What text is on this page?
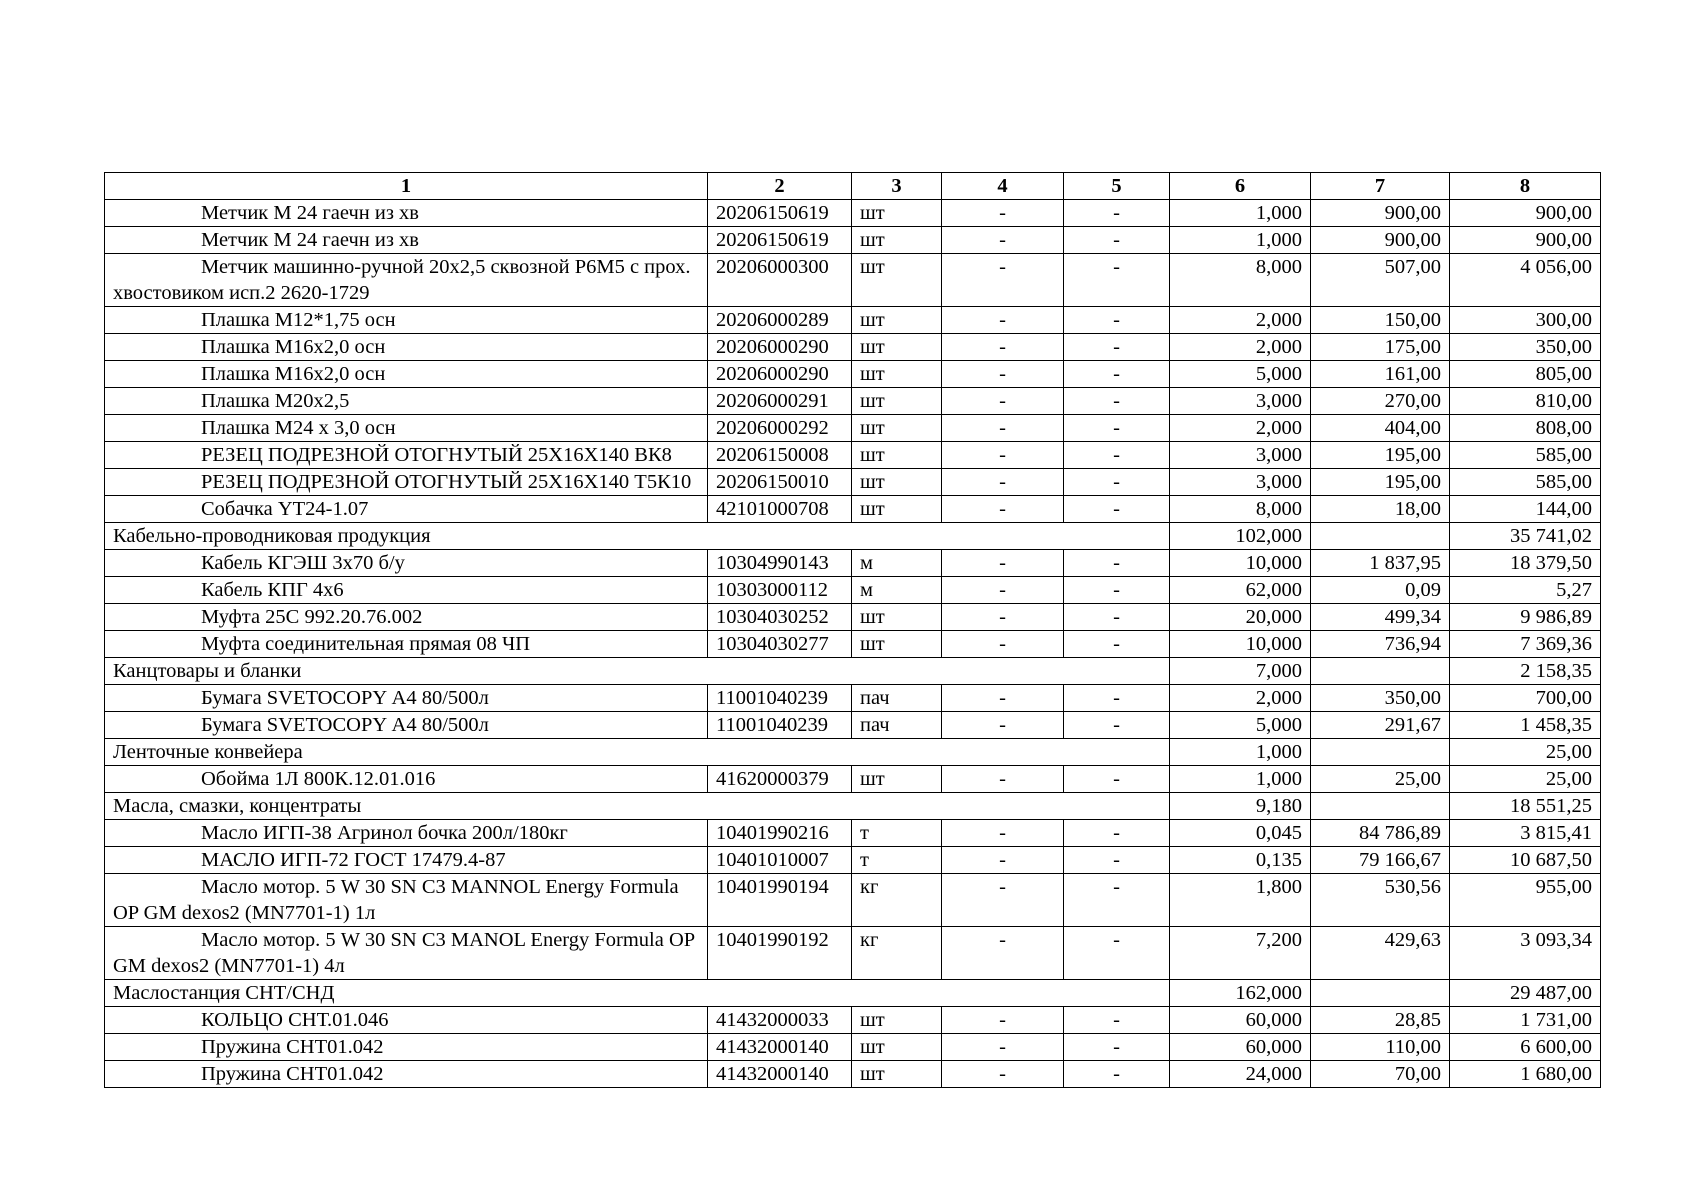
1	2	3	4	5	6	7	8
Метчик М 24 гаечн из хв	20206150619	шт	-	-	1,000	900,00	900,00
Метчик М 24 гаечн из хв	20206150619	шт	-	-	1,000	900,00	900,00
Метчик машинно-ручной 20х2,5 сквозной Р6М5 с прох. хвостовиком исп.2 2620-1729	20206000300	шт	-	-	8,000	507,00	4 056,00
Плашка М12*1,75 осн	20206000289	шт	-	-	2,000	150,00	300,00
Плашка М16х2,0 осн	20206000290	шт	-	-	2,000	175,00	350,00
Плашка М16х2,0 осн	20206000290	шт	-	-	5,000	161,00	805,00
Плашка М20х2,5	20206000291	шт	-	-	3,000	270,00	810,00
Плашка М24 х 3,0 осн	20206000292	шт	-	-	2,000	404,00	808,00
РЕЗЕЦ ПОДРЕЗНОЙ ОТОГНУТЫЙ 25Х16Х140 ВК8	20206150008	шт	-	-	3,000	195,00	585,00
РЕЗЕЦ ПОДРЕЗНОЙ ОТОГНУТЫЙ 25Х16Х140 Т5К10	20206150010	шт	-	-	3,000	195,00	585,00
Собачка YT24-1.07	42101000708	шт	-	-	8,000	18,00	144,00
Кабельно-проводниковая продукция					102,000		35 741,02
Кабель КГЭШ 3х70 б/у	10304990143	м	-	-	10,000	1 837,95	18 379,50
Кабель КПГ 4х6	10303000112	м	-	-	62,000	0,09	5,27
Муфта 25С 992.20.76.002	10304030252	шт	-	-	20,000	499,34	9 986,89
Муфта соединительная прямая 08 ЧП	10304030277	шт	-	-	10,000	736,94	7 369,36
Канцтовары и бланки					7,000		2 158,35
Бумага SVETOCOPY А4 80/500л	11001040239	пач	-	-	2,000	350,00	700,00
Бумага SVETOCOPY А4 80/500л	11001040239	пач	-	-	5,000	291,67	1 458,35
Ленточные конвейера					1,000		25,00
Обойма 1Л 800К.12.01.016	41620000379	шт	-	-	1,000	25,00	25,00
Масла, смазки, концентраты					9,180		18 551,25
Масло ИГП-38 Агринол бочка 200л/180кг	10401990216	т	-	-	0,045	84 786,89	3 815,41
МАСЛО ИГП-72 ГОСТ 17479.4-87	10401010007	т	-	-	0,135	79 166,67	10 687,50
Масло мотор. 5 W 30 SN C3 MANNOL Energy Formula OP GM dexos2 (MN7701-1) 1л	10401990194	кг	-	-	1,800	530,56	955,00
Масло мотор. 5 W 30 SN C3 MANOL Energy Formula OP GM dexos2 (MN7701-1) 4л	10401990192	кг	-	-	7,200	429,63	3 093,34
Маслостанция СНТ/СНД					162,000		29 487,00
КОЛЬЦО СНТ.01.046	41432000033	шт	-	-	60,000	28,85	1 731,00
Пружина СНТ01.042	41432000140	шт	-	-	60,000	110,00	6 600,00
Пружина СНТ01.042	41432000140	шт	-	-	24,000	70,00	1 680,00
